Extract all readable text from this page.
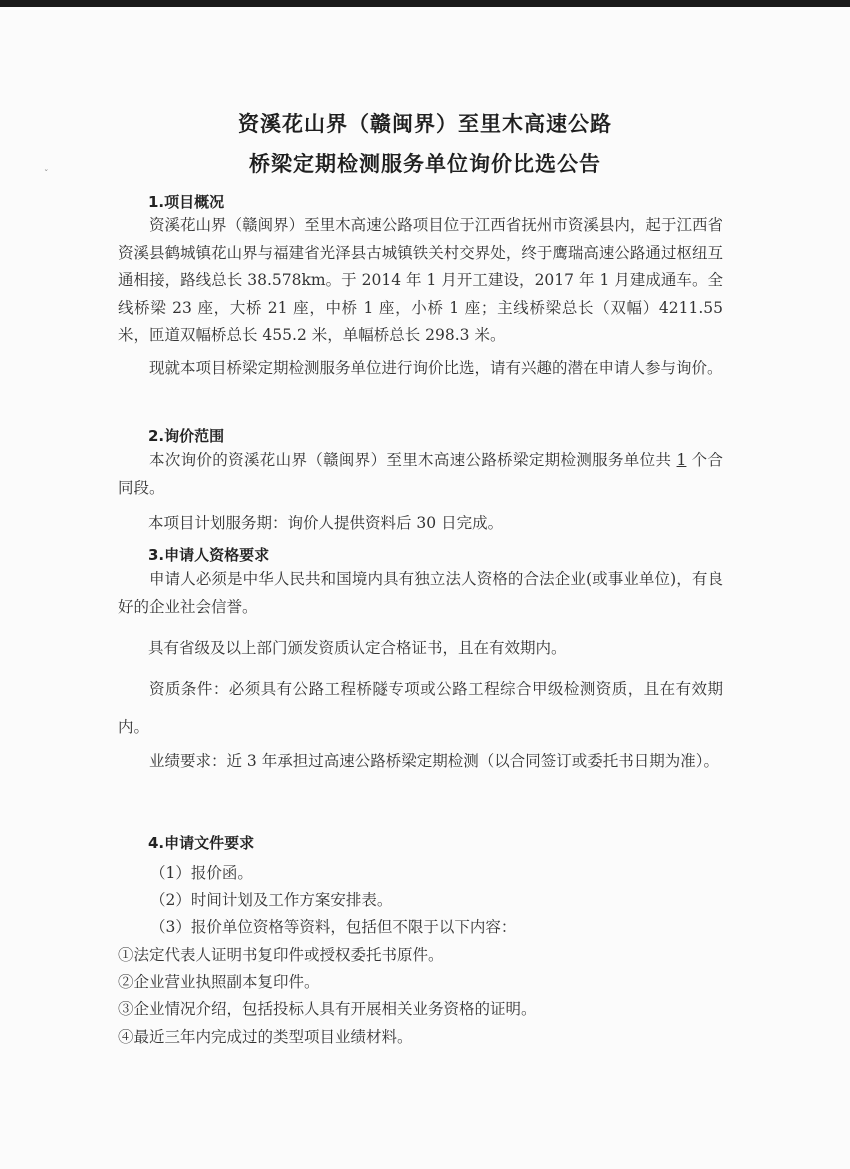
ˇ
资溪花山界（赣闽界）至里木高速公路
桥梁定期检测服务单位询价比选公告
1.项目概况
资溪花山界（赣闽界）至里木高速公路项目位于江西省抚州市资溪县内，起于江西省资溪县鹤城镇花山界与福建省光泽县古城镇铁关村交界处，终于鹰瑞高速公路通过枢纽互通相接，路线总长 38.578km。于 2014 年 1 月开工建设，2017 年 1 月建成通车。全线桥梁 23 座，大桥 21 座，中桥 1 座，小桥 1 座；主线桥梁总长（双幅）4211.55 米，匝道双幅桥总长 455.2 米，单幅桥总长 298.3 米。
现就本项目桥梁定期检测服务单位进行询价比选，请有兴趣的潜在申请人参与询价。
2.询价范围
本次询价的资溪花山界（赣闽界）至里木高速公路桥梁定期检测服务单位共 1 个合同段。
本项目计划服务期：询价人提供资料后 30 日完成。
3.申请人资格要求
申请人必须是中华人民共和国境内具有独立法人资格的合法企业(或事业单位)，有良好的企业社会信誉。
具有省级及以上部门颁发资质认定合格证书，且在有效期内。
资质条件：必须具有公路工程桥隧专项或公路工程综合甲级检测资质，且在有效期内。
业绩要求：近 3 年承担过高速公路桥梁定期检测（以合同签订或委托书日期为准）。
4.申请文件要求
（1）报价函。
（2）时间计划及工作方案安排表。
（3）报价单位资格等资料，包括但不限于以下内容：
①法定代表人证明书复印件或授权委托书原件。
②企业营业执照副本复印件。
③企业情况介绍，包括投标人具有开展相关业务资格的证明。
④最近三年内完成过的类型项目业绩材料。
